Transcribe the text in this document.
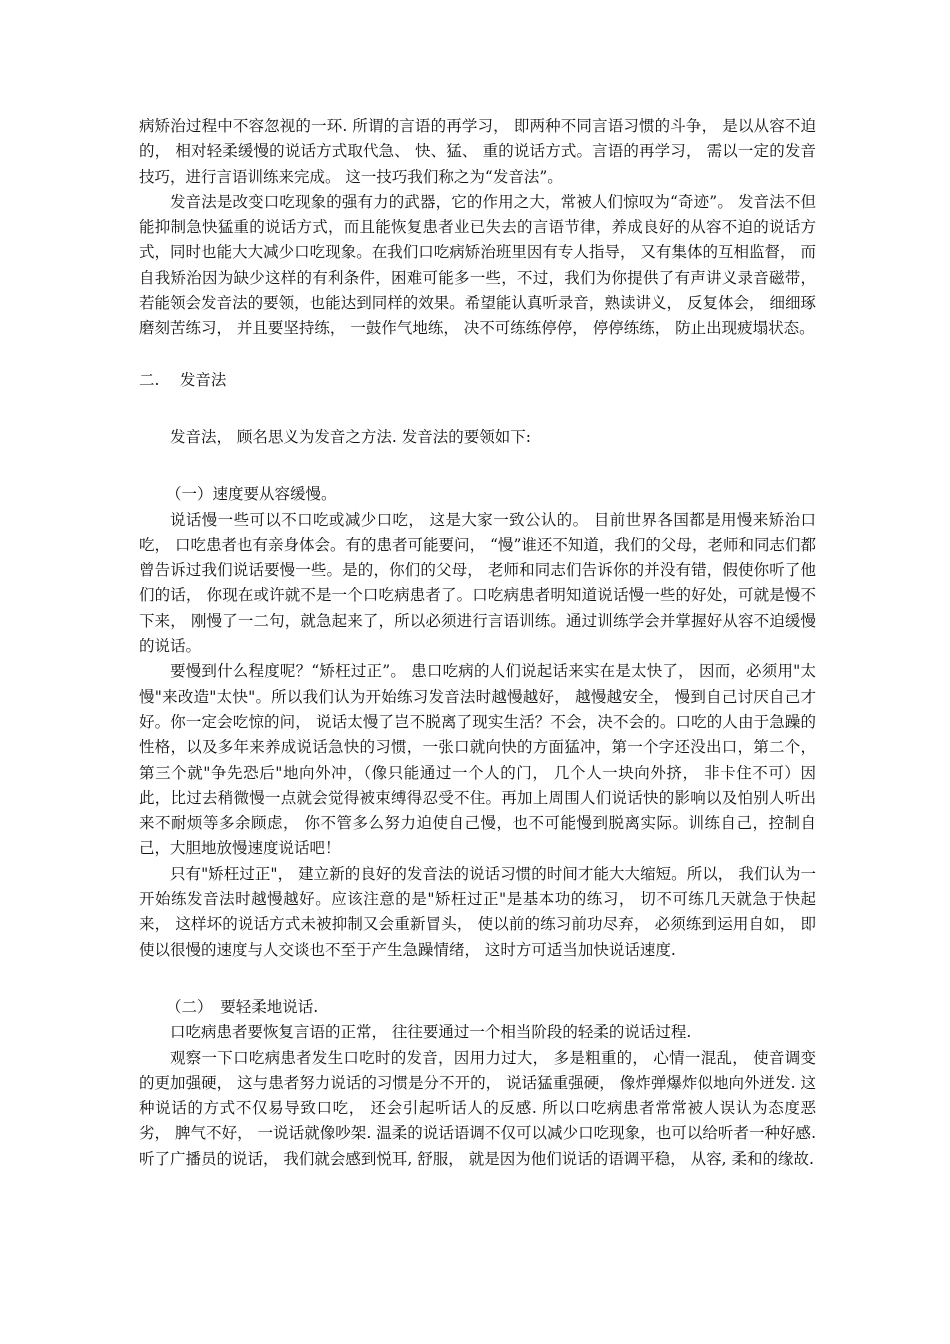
病矫治过程中不容忽视的一环. 所谓的言语的再学习， 即两种不同言语习惯的斗争， 是以从容不迫的， 相对轻柔缓慢的说话方式取代急、 快、猛、 重的说话方式。言语的再学习， 需以一定的发音技巧，进行言语训练来完成。 这一技巧我们称之为“发音法”。

发音法是改变口吃现象的强有力的武器，它的作用之大，常被人们惊叹为“奇迹”。 发音法不但能抑制急快猛重的说话方式，而且能恢复患者业已失去的言语节律，养成良好的从容不迫的说话方式，同时也能大大减少口吃现象。在我们口吃病矫治班里因有专人指导， 又有集体的互相监督， 而自我矫治因为缺少这样的有利条件，困难可能多一些，不过，我们为你提供了有声讲义录音磁带，若能领会发音法的要领，也能达到同样的效果。希望能认真听录音，熟读讲义， 反复体会， 细细琢磨刻苦练习， 并且要坚持练， 一鼓作气地练， 决不可练练停停， 停停练练， 防止出现疲塌状态。

二.　 发音法

发音法， 顾名思义为发音之方法. 发音法的要领如下:

（一）速度要从容缓慢。

说话慢一些可以不口吃或减少口吃， 这是大家一致公认的。 目前世界各国都是用慢来矫治口吃， 口吃患者也有亲身体会。有的患者可能要问， “慢”谁还不知道，我们的父母，老师和同志们都曾告诉过我们说话要慢一些。是的，你们的父母， 老师和同志们告诉你的并没有错，假使你听了他们的话， 你现在或许就不是一个口吃病患者了。口吃病患者明知道说话慢一些的好处，可就是慢不下来， 刚慢了一二句，就急起来了，所以必须进行言语训练。通过训练学会并掌握好从容不迫缓慢的说话。

要慢到什么程度呢？“矫枉过正”。 患口吃病的人们说起话来实在是太快了， 因而，必须用"太慢"来改造"太快"。所以我们认为开始练习发音法时越慢越好， 越慢越安全， 慢到自己讨厌自己才好。你一定会吃惊的问， 说话太慢了岂不脱离了现实生活？不会，决不会的。口吃的人由于急躁的性格，以及多年来养成说话急快的习惯，一张口就向快的方面猛冲，第一个字还没出口，第二个， 第三个就"争先恐后"地向外冲，（像只能通过一个人的门， 几个人一块向外挤， 非卡住不可）因此，比过去稍微慢一点就会觉得被束缚得忍受不住。再加上周围人们说话快的影响以及怕别人听出来不耐烦等多余顾虑， 你不管多么努力迫使自己慢，也不可能慢到脱离实际。训练自己，控制自己，大胆地放慢速度说话吧！

只有"矫枉过正"， 建立新的良好的发音法的说话习惯的时间才能大大缩短。所以， 我们认为一开始练发音法时越慢越好。应该注意的是"矫枉过正"是基本功的练习， 切不可练几天就急于快起来， 这样坏的说话方式未被抑制又会重新冒头， 使以前的练习前功尽弃， 必须练到运用自如， 即使以很慢的速度与人交谈也不至于产生急躁情绪， 这时方可适当加快说话速度.

（二）　要轻柔地说话.

口吃病患者要恢复言语的正常， 往往要通过一个相当阶段的轻柔的说话过程.

观察一下口吃病患者发生口吃时的发音，因用力过大， 多是粗重的， 心情一混乱， 使音调变的更加强硬， 这与患者努力说话的习惯是分不开的， 说话猛重强硬， 像炸弹爆炸似地向外迸发. 这种说话的方式不仅易导致口吃， 还会引起听话人的反感. 所以口吃病患者常常被人误认为态度恶劣， 脾气不好， 一说话就像吵架. 温柔的说话语调不仅可以减少口吃现象，也可以给听者一种好感. 听了广播员的说话， 我们就会感到悦耳, 舒服， 就是因为他们说话的语调平稳， 从容, 柔和的缘故.
